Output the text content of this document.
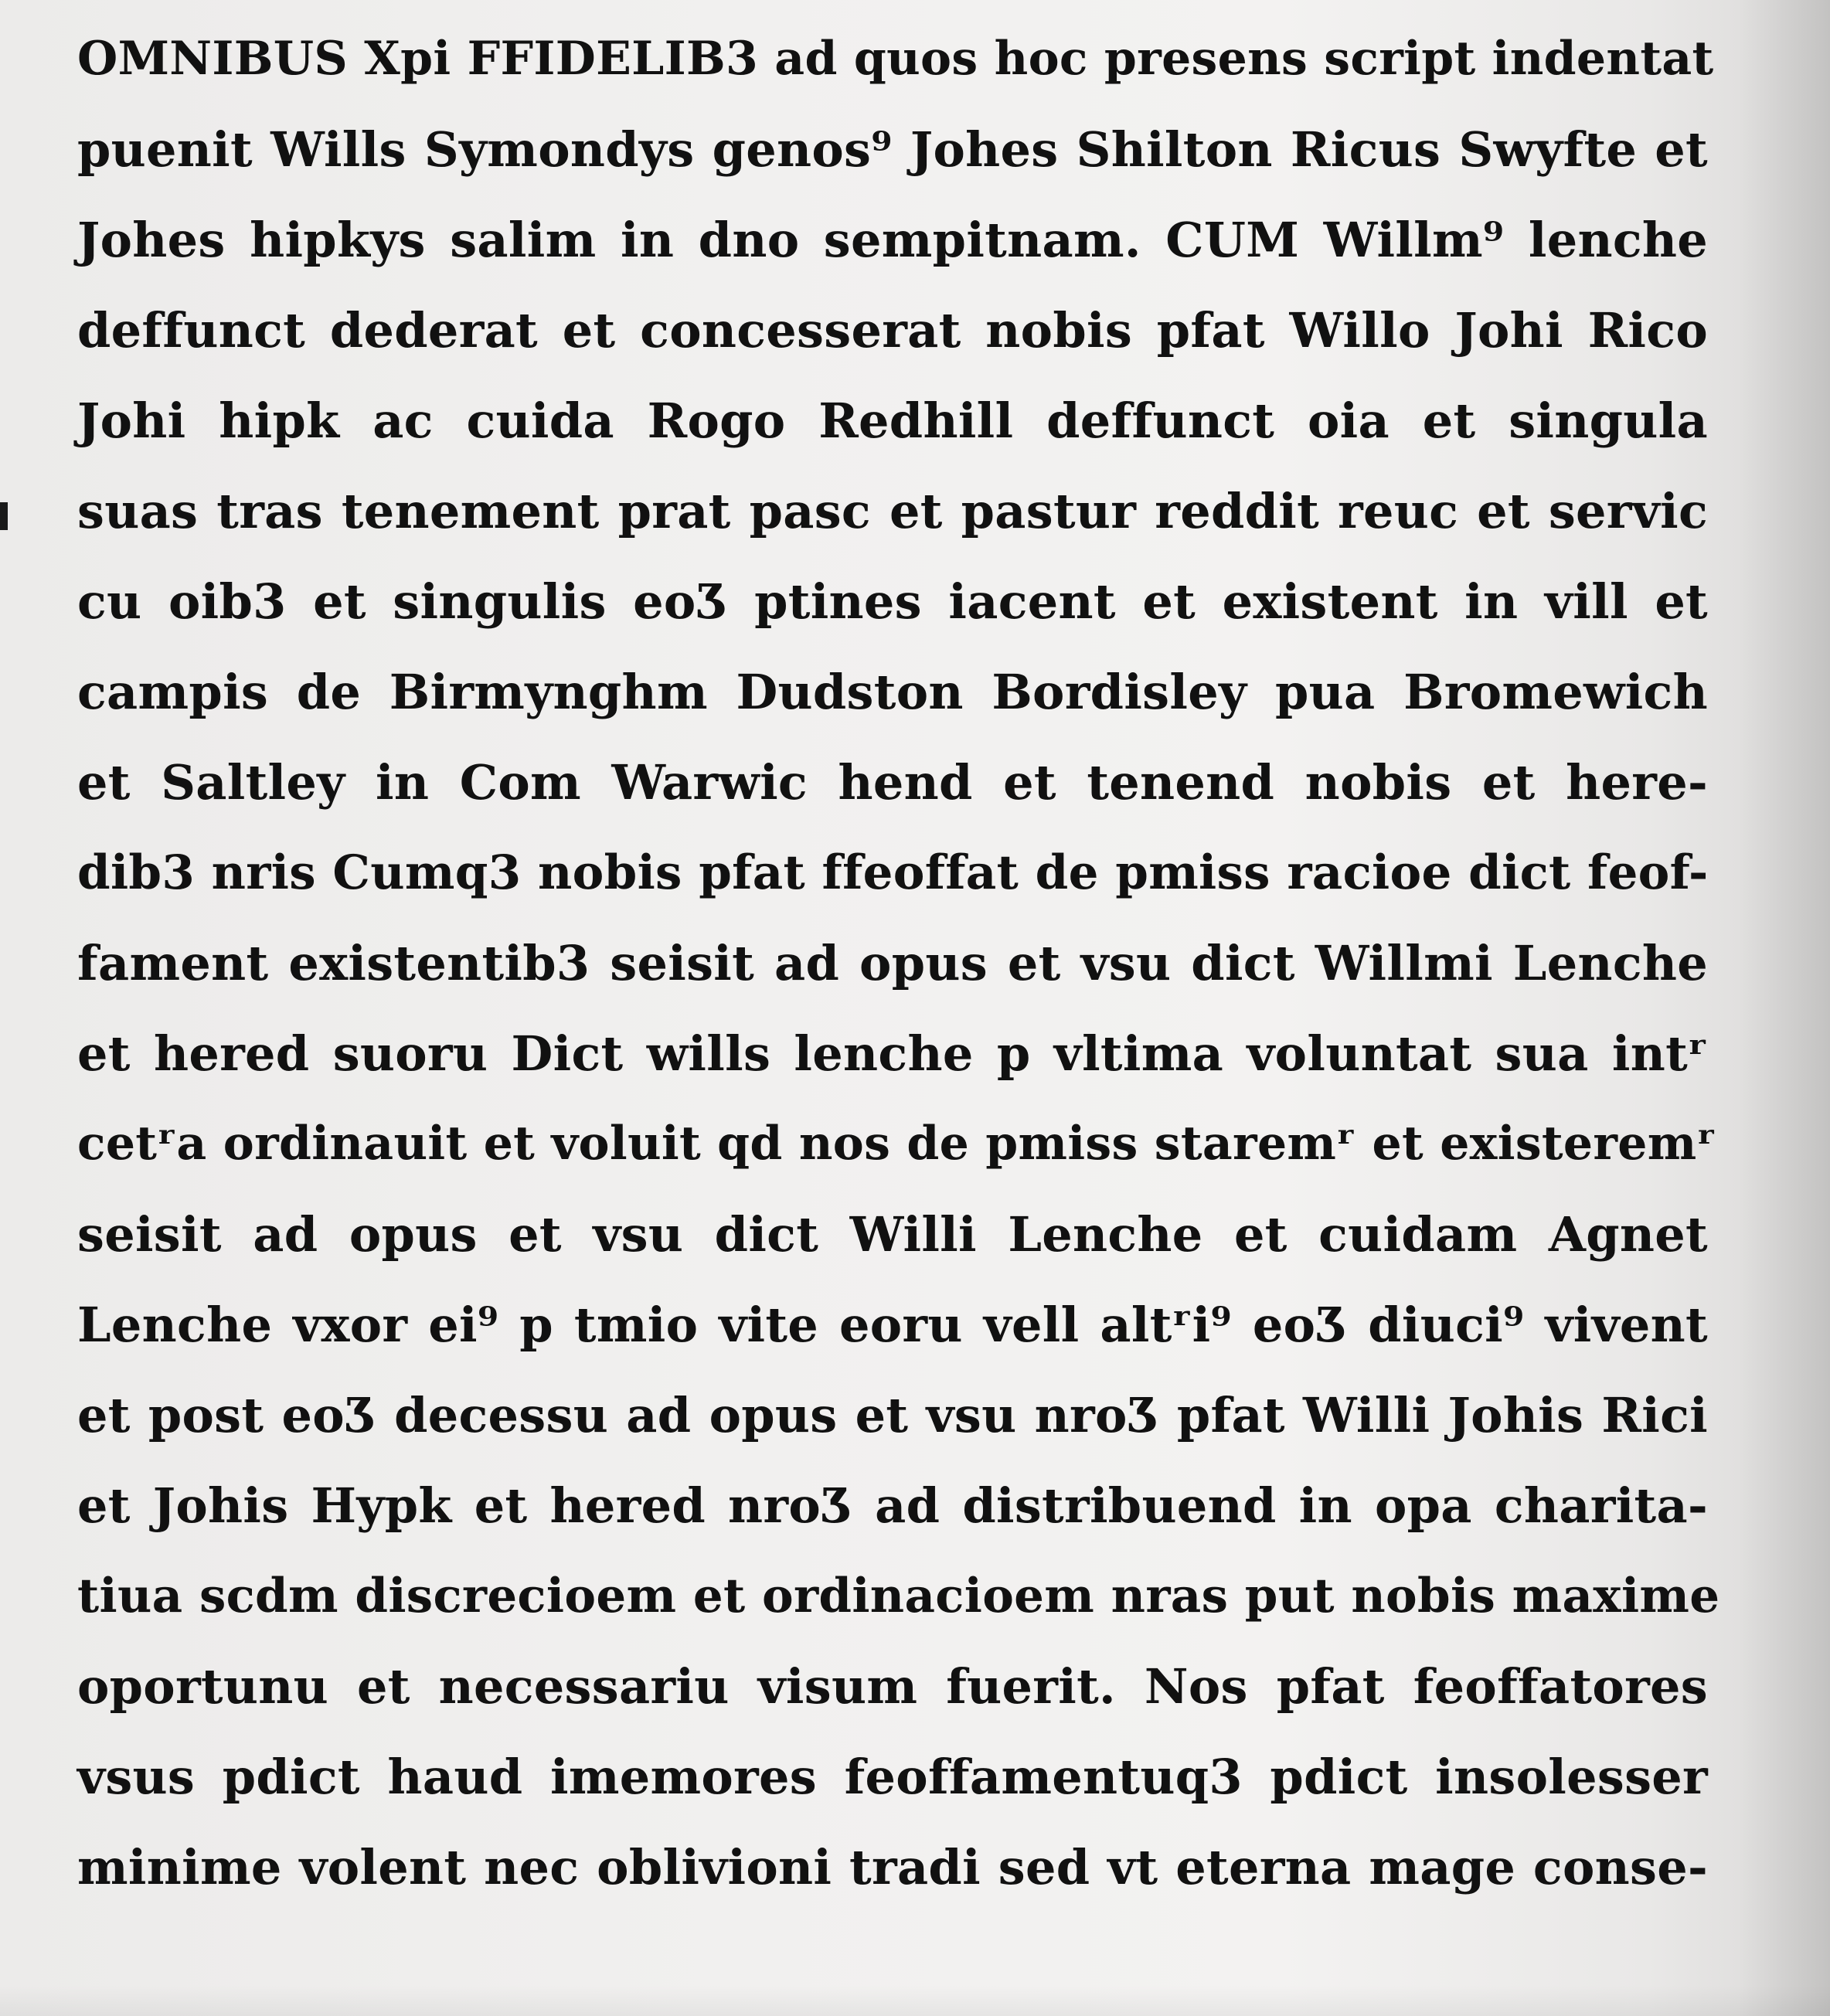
OMNIBUS Xpi FFIDELIB3 ad quos hoc presens script indentat
puenit Wills Symondys genos⁹ Johes Shilton Ricus Swyfte et
Johes hipkys salim in dno sempitnam. CUM Willm⁹ lenche
deffunct dederat et concesserat nobis pfat Willo Johi Rico
Johi hipk ac cuida Rogo Redhill deffunct oia et singula
suas tras tenement prat pasc et pastur reddit reuc et servic
cu oib3 et singulis eoƷ ptines iacent et existent in vill et
campis de Birmynghm Dudston Bordisley pua Bromewich
et Saltley in Com Warwic hend et tenend nobis et here-
dib3 nris Cumq3 nobis pfat ffeoffat de pmiss racioe dict feof-
fament existentib3 seisit ad opus et vsu dict Willmi Lenche
et hered suoru Dict wills lenche p vltima voluntat sua intʳ
cetʳa ordinauit et voluit qd nos de pmiss staremʳ et existeremʳ
seisit ad opus et vsu dict Willi Lenche et cuidam Agnet
Lenche vxor ei⁹ p tmio vite eoru vell altʳi⁹ eoƷ diuci⁹ vivent
et post eoƷ decessu ad opus et vsu nroƷ pfat Willi Johis Rici
et Johis Hypk et hered nroƷ ad distribuend in opa charita-
tiua scdm discrecioem et ordinacioem nras put nobis maxime
oportunu et necessariu visum fuerit. Nos pfat feoffatores
vsus pdict haud imemores feoffamentuq3 pdict insolesser
minime volent nec oblivioni tradi sed vt eterna mage conse-
